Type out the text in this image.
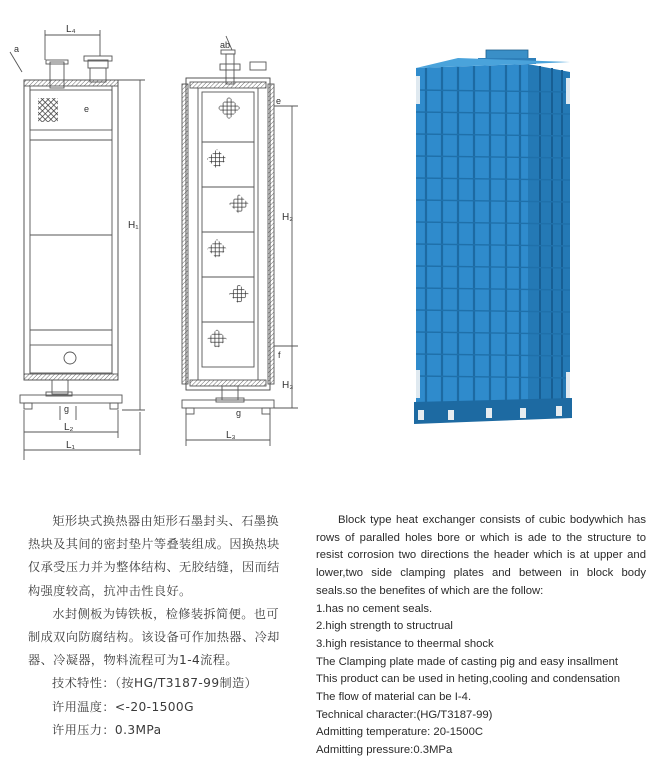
a
L₄
e
H₁
g
L₂
L₁
ab
e
H₂
f
H₃
g
L₃

矩形块式换热器由矩形石墨封头、石墨换热块及其间的密封垫片等叠装组成。因换热块仅承受压力并为整体结构、无胶结缝，因而结构强度较高，抗冲击性良好。

水封侧板为铸铁板，检修装拆简便。也可制成双向防腐结构。该设备可作加热器、冷却器、冷凝器，物料流程可为1-4流程。

技术特性：（按HG/T3187-99制造）

许用温度：<-20-1500G

许用压力：0.3MPa

Block type heat exchanger consists of cubic bodywhich has rows of paralled holes bore or which is ade to the structure to resist corrosion two directions the header which is at upper and lower,two side clamping plates and between in block body seals.so the benefites of which are the follow:

1.has no cement seals.

2.high strength to structrual

3.high resistance to theermal shock

The Clamping plate made of casting pig and easy insallment

This product can be used in heting,cooling and condensation

The flow of material can be I-4.

Technical character:(HG/T3187-99)

Admitting temperature: 20-1500C

Admitting pressure:0.3MPa
